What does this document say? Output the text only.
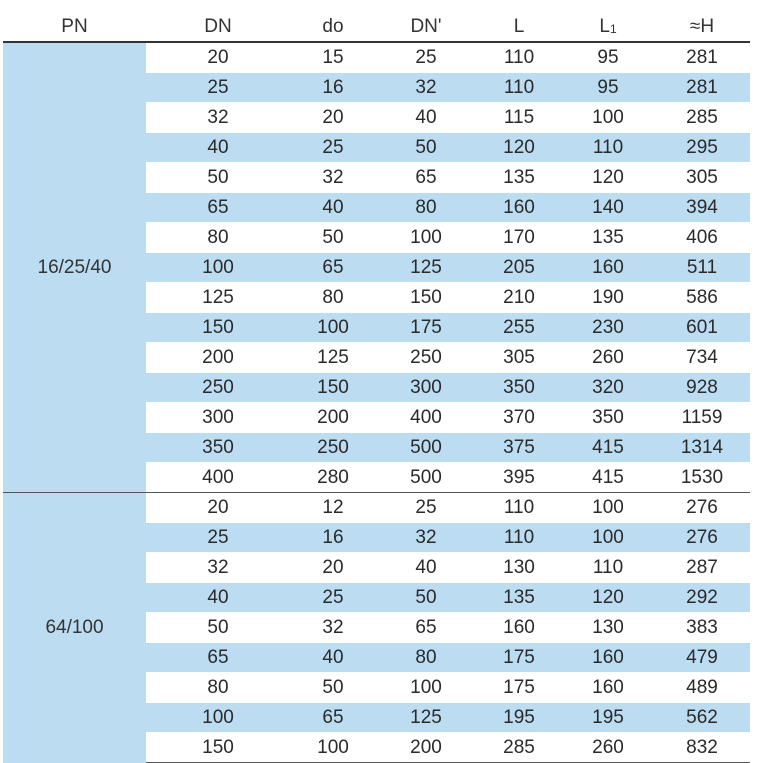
PN	DN	do	DN'	L	L1	≈H
16/25/40	20	15	25	110	95	281
	25	16	32	110	95	281
	32	20	40	115	100	285
	40	25	50	120	110	295
	50	32	65	135	120	305
	65	40	80	160	140	394
	80	50	100	170	135	406
	100	65	125	205	160	511
	125	80	150	210	190	586
	150	100	175	255	230	601
	200	125	250	305	260	734
	250	150	300	350	320	928
	300	200	400	370	350	1159
	350	250	500	375	415	1314
	400	280	500	395	415	1530
64/100	20	12	25	110	100	276
	25	16	32	110	100	276
	32	20	40	130	110	287
	40	25	50	135	120	292
	50	32	65	160	130	383
	65	40	80	175	160	479
	80	50	100	175	160	489
	100	65	125	195	195	562
	150	100	200	285	260	832
